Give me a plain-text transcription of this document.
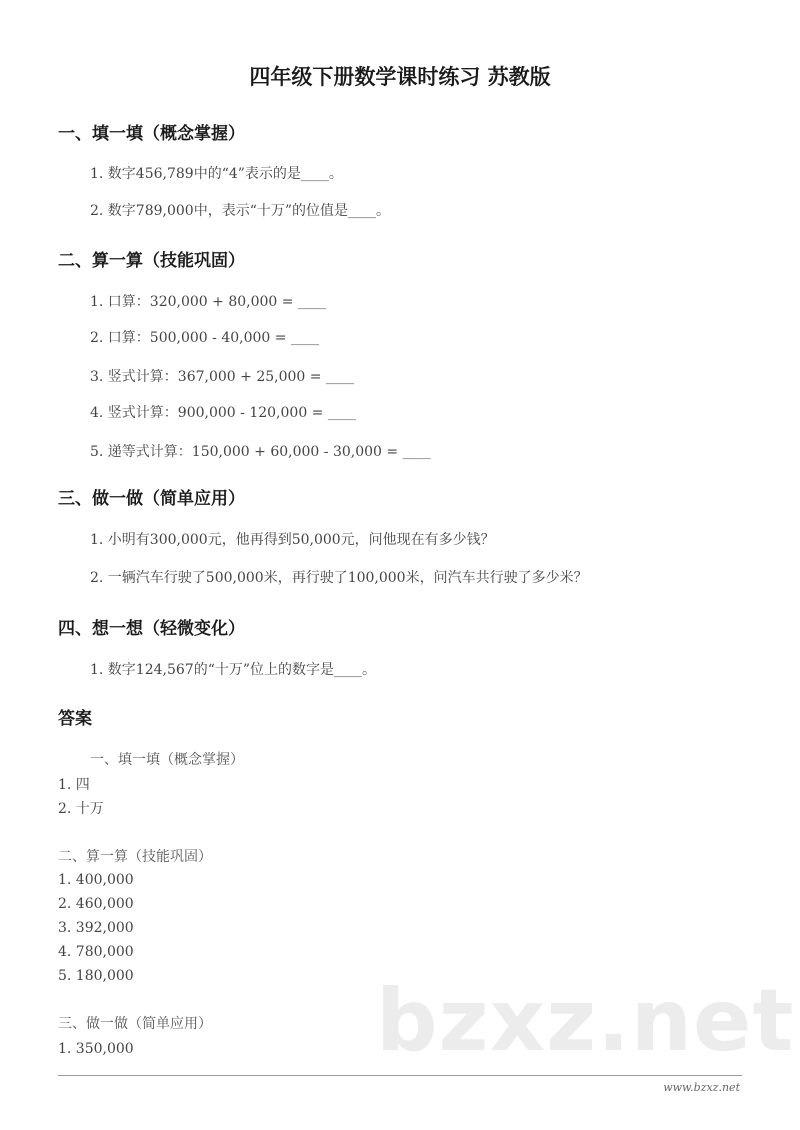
bzxz.net
四年级下册数学课时练习 苏教版
一、填一填（概念掌握）
1. 数字456,789中的“4”表示的是____。
2. 数字789,000中，表示“十万”的位值是____。
二、算一算（技能巩固）
1. 口算：320,000 + 80,000 = ____
2. 口算：500,000 - 40,000 = ____
3. 竖式计算：367,000 + 25,000 = ____
4. 竖式计算：900,000 - 120,000 = ____
5. 递等式计算：150,000 + 60,000 - 30,000 = ____
三、做一做（简单应用）
1. 小明有300,000元，他再得到50,000元，问他现在有多少钱？
2. 一辆汽车行驶了500,000米，再行驶了100,000米，问汽车共行驶了多少米？
四、想一想（轻微变化）
1. 数字124,567的“十万”位上的数字是____。
答案
一、填一填（概念掌握）
1. 四
2. 十万
二、算一算（技能巩固）
1. 400,000
2. 460,000
3. 392,000
4. 780,000
5. 180,000
三、做一做（简单应用）
1. 350,000
www.bzxz.net
